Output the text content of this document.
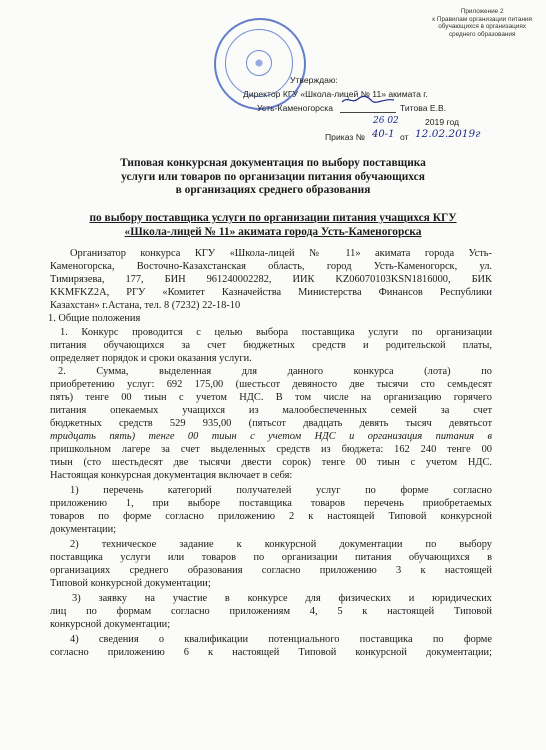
Приложение 2
к Правилам организации питания
обучающихся в организациях
среднего образования
Утверждаю:
Директор КГУ «Школа-лицей № 11» акимата г.
Усть-Каменогорска	Титова Е.В.
26 02	2019 год
Приказ № 40-1 от 12.02.2019г
Типовая конкурсная документация по выбору поставщика
услуги или товаров по организации питания обучающихся
в организациях среднего образования
по выбору поставщика услуги по организации питания учащихся КГУ
«Школа-лицей № 11» акимата города Усть-Каменогорска
Организатор конкурса КГУ «Школа-лицей № 11» акимата города Усть-
Каменогорска, Восточно-Казахстанская область, город Усть-Каменогорск, ул.
Тимирязева, 177, БИН 961240002282, ИИК KZ06070103KSN1816000, БИК
KKMFKZ2A, РГУ «Комитет Казначейства Министерства Финансов Республики
Казахстан» г.Астана, тел. 8 (7232) 22-18-10
1. Общие положения
1. Конкурс проводится с целью выбора поставщика услуги по организации
питания обучающихся за счет бюджетных средств и родительской платы,
определяет порядок и сроки оказания услуги.
2. Сумма, выделенная для данного конкурса (лота) по
приобретению услуг: 692 175,00 (шестьсот девяносто две тысячи сто семьдесят
пять) тенге 00 тиын с учетом НДС. В том числе на организацию горячего
питания опекаемых учащихся из малообеспеченных семей за счет
бюджетных средств 529 935,00 (пятьсот двадцать девять тысяч девятьсот
тридцать пять) тенге 00 тиын с учетом НДС и организация питания в
пришкольном лагере за счет выделенных средств из бюджета: 162 240 тенге 00
тиын (сто шестьдесят две тысячи двести сорок) тенге 00 тиын с учетом НДС.
Настоящая конкурсная документация включает в себя:
1) перечень категорий получателей услуг по форме согласно
приложению 1, при выборе поставщика товаров перечень приобретаемых
товаров по форме согласно приложению 2 к настоящей Типовой конкурсной
документации;
2) техническое задание к конкурсной документации по выбору
поставщика услуги или товаров по организации питания обучающихся в
организациях среднего образования согласно приложению 3 к настоящей
Типовой конкурсной документации;
3) заявку на участие в конкурсе для физических и юридических
лиц по формам согласно приложениям 4, 5 к настоящей Типовой
конкурсной документации;
4) сведения о квалификации потенциального поставщика по форме
согласно приложению 6 к настоящей Типовой конкурсной документации;
